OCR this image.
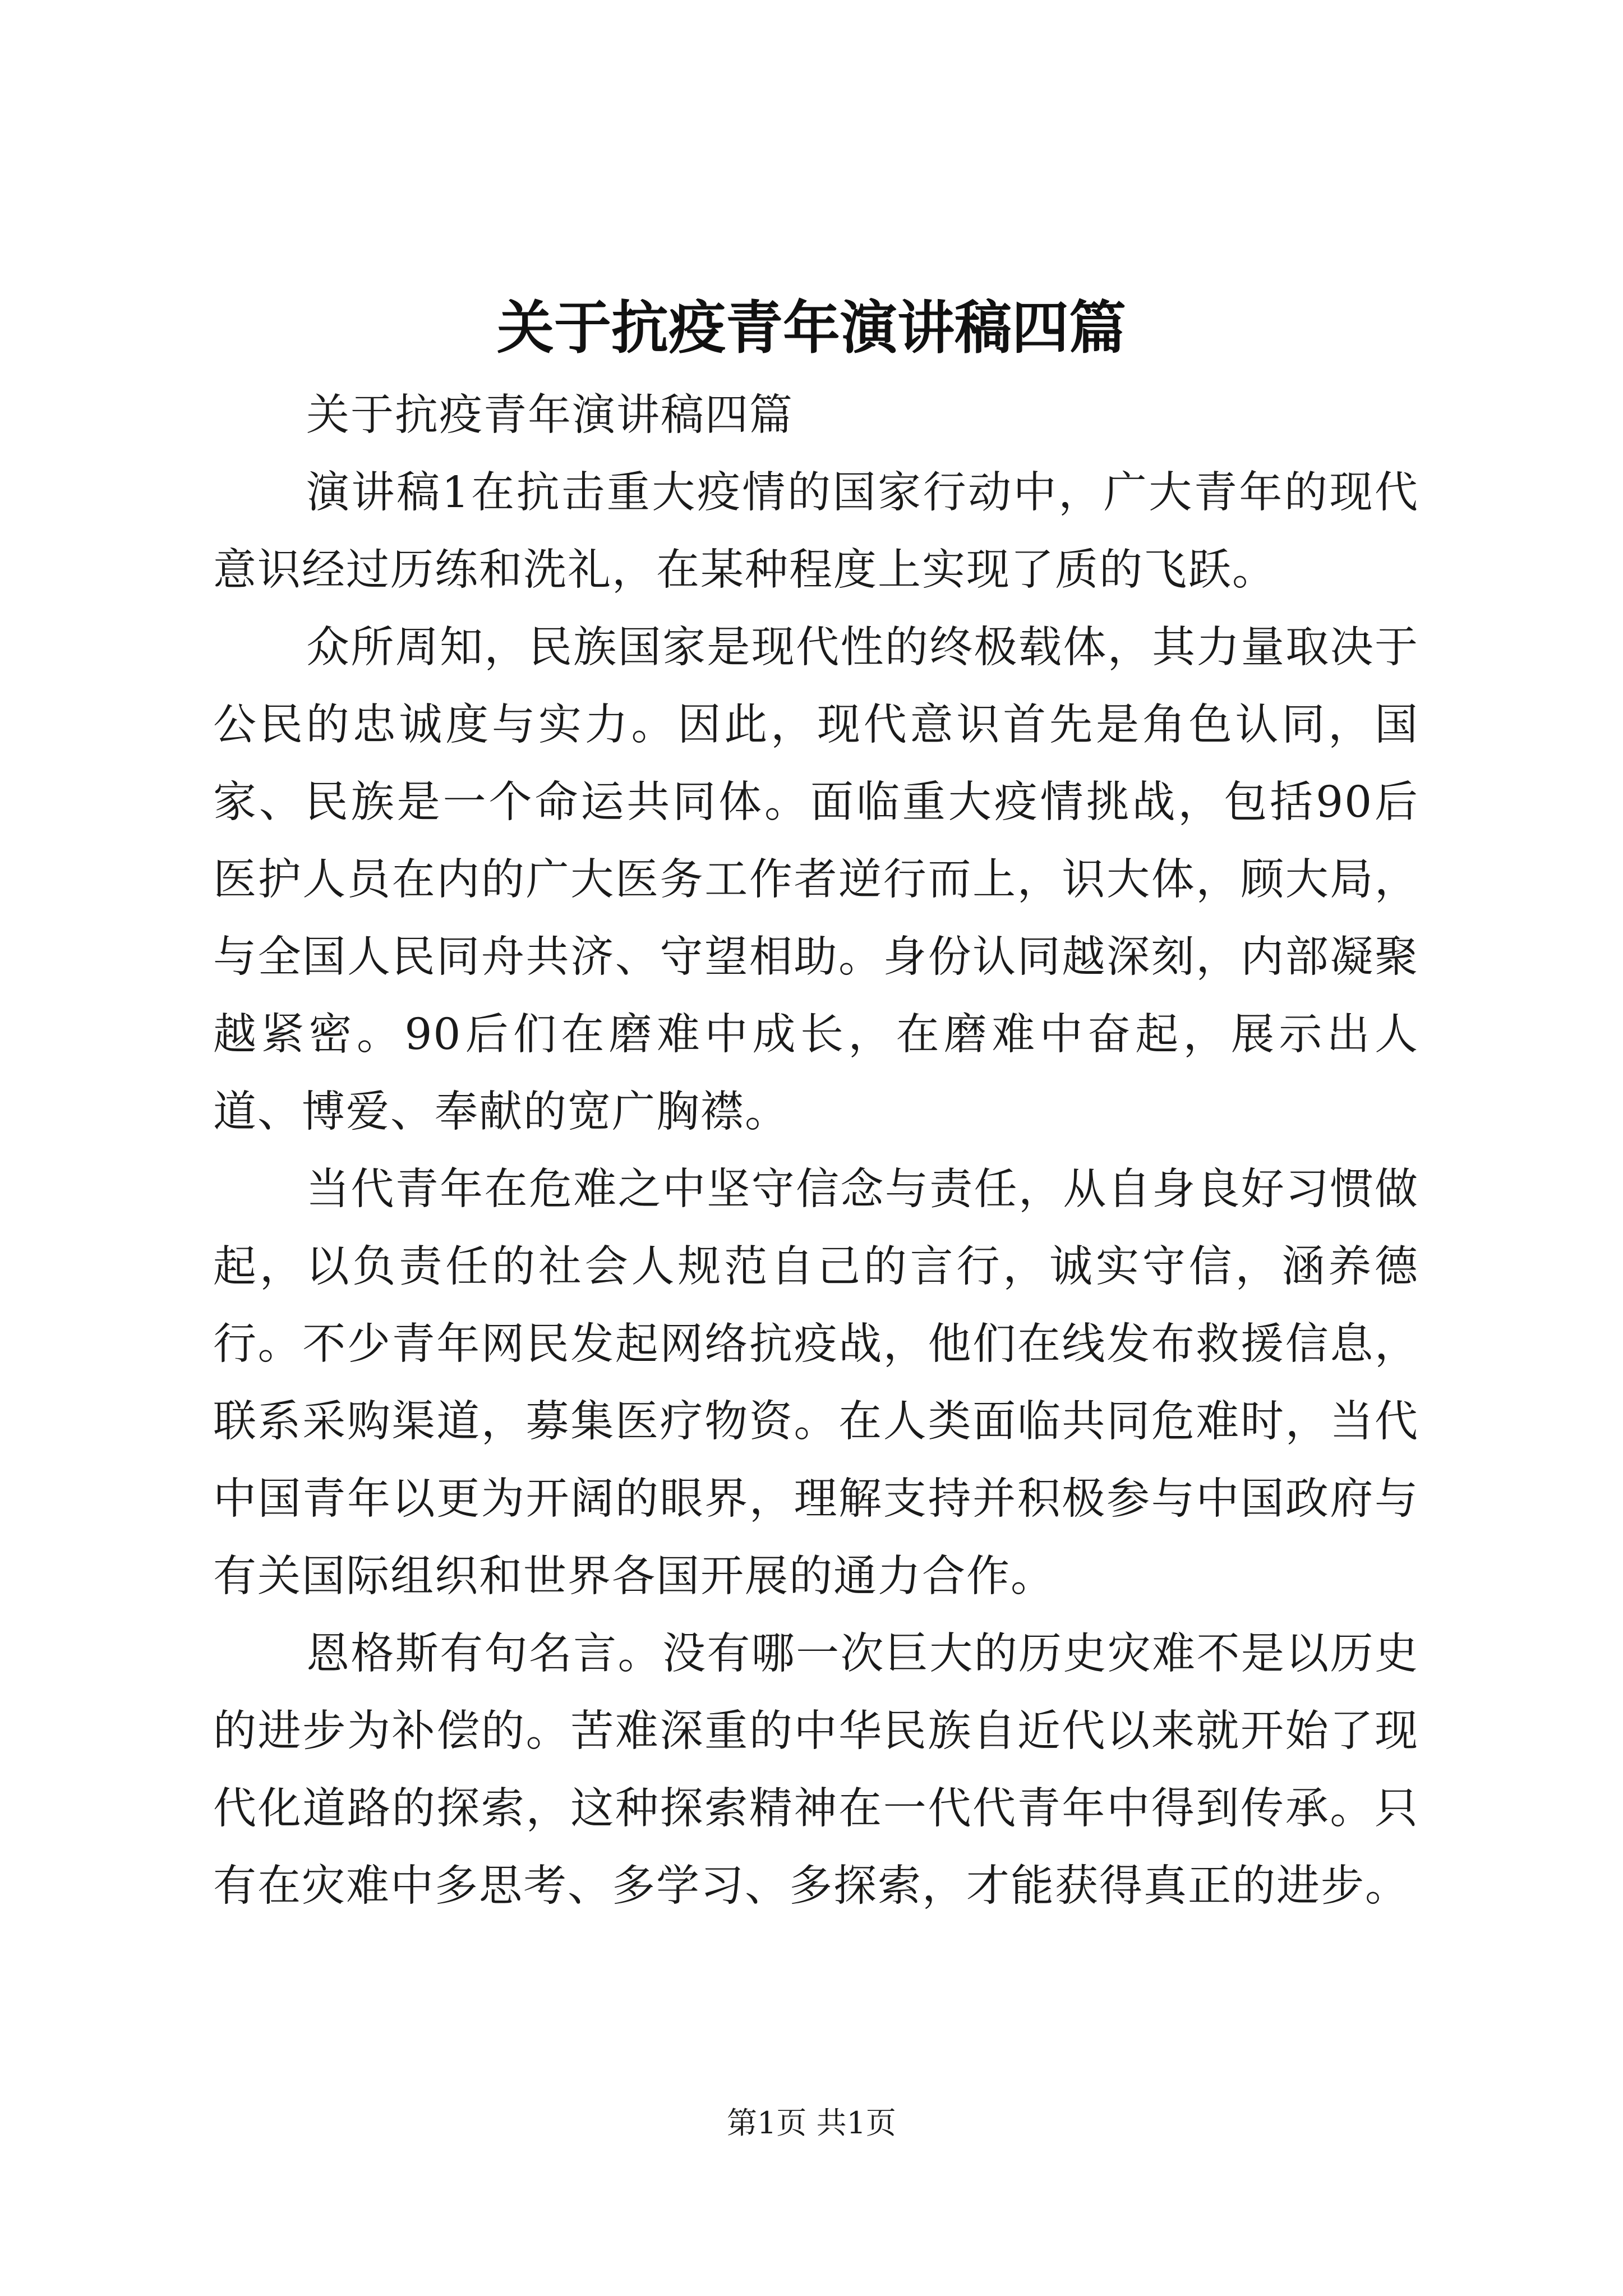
关于抗疫青年演讲稿四篇

关于抗疫青年演讲稿四篇

演讲稿1在抗击重大疫情的国家行动中，广大青年的现代意识经过历练和洗礼，在某种程度上实现了质的飞跃。

众所周知，民族国家是现代性的终极载体，其力量取决于公民的忠诚度与实力。因此，现代意识首先是角色认同，国家、民族是一个命运共同体。面临重大疫情挑战，包括90后医护人员在内的广大医务工作者逆行而上，识大体，顾大局，与全国人民同舟共济、守望相助。身份认同越深刻，内部凝聚越紧密。90后们在磨难中成长，在磨难中奋起，展示出人道、博爱、奉献的宽广胸襟。

当代青年在危难之中坚守信念与责任，从自身良好习惯做起，以负责任的社会人规范自己的言行，诚实守信，涵养德行。不少青年网民发起网络抗疫战，他们在线发布救援信息，联系采购渠道，募集医疗物资。在人类面临共同危难时，当代中国青年以更为开阔的眼界，理解支持并积极参与中国政府与有关国际组织和世界各国开展的通力合作。

恩格斯有句名言。没有哪一次巨大的历史灾难不是以历史的进步为补偿的。苦难深重的中华民族自近代以来就开始了现代化道路的探索，这种探索精神在一代代青年中得到传承。只有在灾难中多思考、多学习、多探索，才能获得真正的进步。

第1页 共1页
